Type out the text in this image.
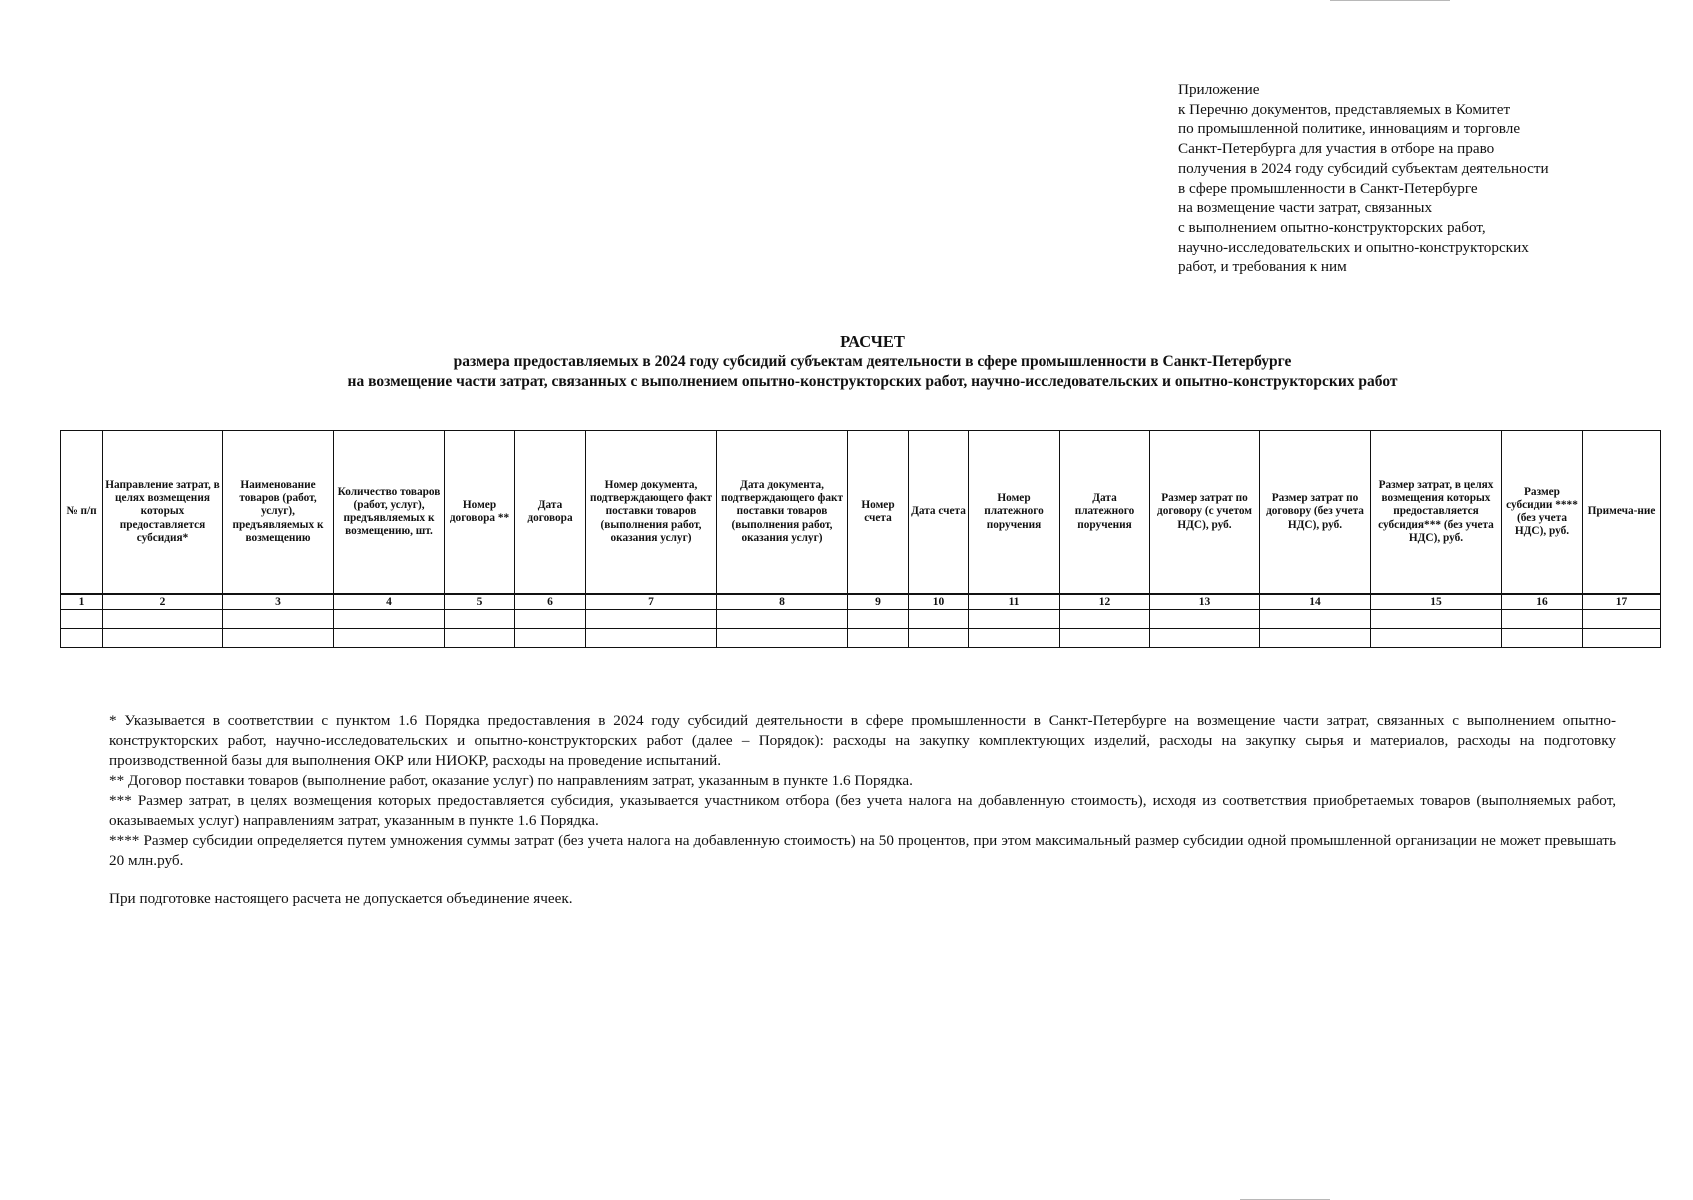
Приложение
к Перечню документов, представляемых в Комитет
по промышленной политике, инновациям и торговле
Санкт-Петербурга для участия в отборе на право
получения в 2024 году субсидий субъектам деятельности
в сфере промышленности в Санкт-Петербурге
на возмещение части затрат, связанных
с выполнением опытно-конструкторских работ,
научно-исследовательских и опытно-конструкторских
работ, и требования к ним
РАСЧЕТ
размера предоставляемых в 2024 году субсидий субъектам деятельности в сфере промышленности в Санкт-Петербурге
на возмещение части затрат, связанных с выполнением опытно-конструкторских работ, научно-исследовательских и опытно-конструкторских работ
№ п/п	Направление затрат, в целях возмещения которых предоставляется субсидия*	Наименование товаров (работ, услуг), предъявляемых к возмещению	Количество товаров (работ, услуг), предъявляемых к возмещению, шт.	Номер договора **	Дата договора	Номер документа, подтверждающего факт поставки товаров (выполнения работ, оказания услуг)	Дата документа, подтверждающего факт поставки товаров (выполнения работ, оказания услуг)	Номер счета	Дата счета	Номер платежного поручения	Дата платежного поручения	Размер затрат по договору (с учетом НДС), руб.	Размер затрат по договору (без учета НДС), руб.	Размер затрат, в целях возмещения которых предоставляется субсидия*** (без учета НДС), руб.	Размер субсидии **** (без учета НДС), руб.	Примеча-ние
1	2	3	4	5	6	7	8	9	10	11	12	13	14	15	16	17

* Указывается в соответствии с пунктом 1.6 Порядка предоставления в 2024 году субсидий деятельности в сфере промышленности в Санкт-Петербурге на возмещение части затрат, связанных с выполнением опытно-конструкторских работ, научно-исследовательских и опытно-конструкторских работ (далее – Порядок): расходы на закупку комплектующих изделий, расходы на закупку сырья и материалов, расходы на подготовку производственной базы для выполнения ОКР или НИОКР, расходы на проведение испытаний.

** Договор поставки товаров (выполнение работ, оказание услуг) по направлениям затрат, указанным в пункте 1.6 Порядка.

*** Размер затрат, в целях возмещения которых предоставляется субсидия, указывается участником отбора (без учета налога на добавленную стоимость), исходя из соответствия приобретаемых товаров (выполняемых работ, оказываемых услуг) направлениям затрат, указанным в пункте 1.6 Порядка.

**** Размер субсидии определяется путем умножения суммы затрат (без учета налога на добавленную стоимость) на 50 процентов, при этом максимальный размер субсидии одной промышленной организации не может превышать 20 млн.руб.

При подготовке настоящего расчета не допускается объединение ячеек.
